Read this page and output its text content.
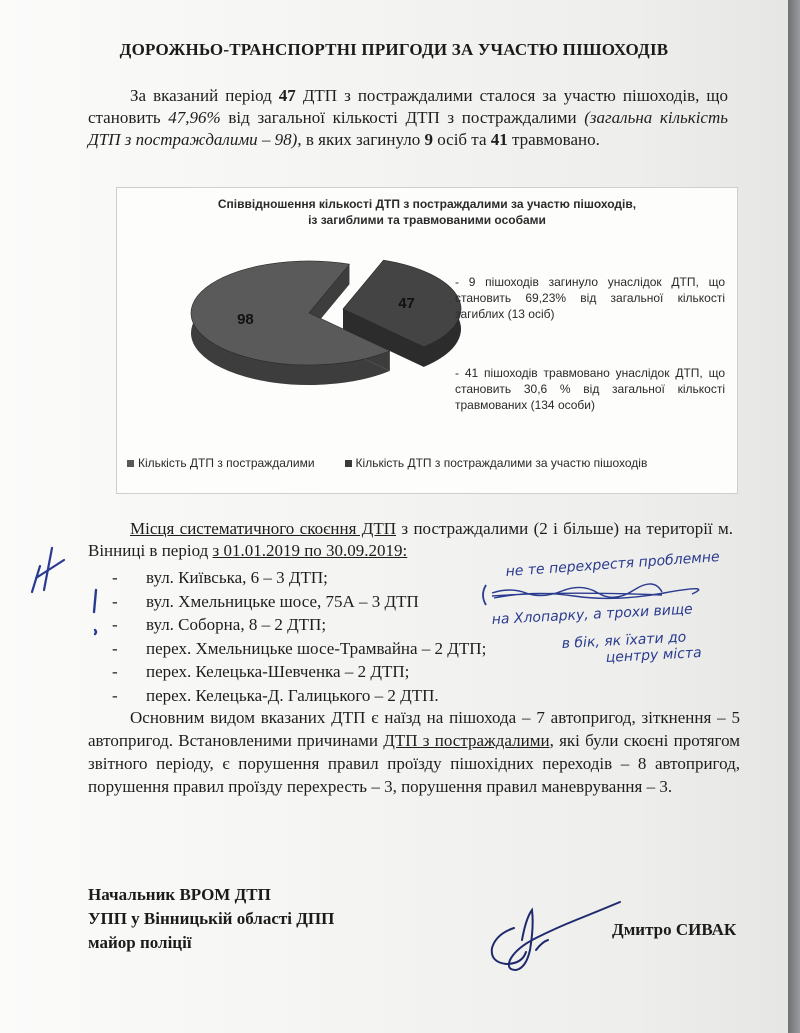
ДОРОЖНЬО-ТРАНСПОРТНІ ПРИГОДИ ЗА УЧАСТЮ ПІШОХОДІВ
За вказаний період 47 ДТП з постраждалими сталося за участю пішоходів, що становить 47,96% від загальної кількості ДТП з постраждалими (загальна кількість ДТП з постраждалими – 98), в яких загинуло 9 осіб та 41 травмовано.
Співвідношення кількості ДТП з постраждалими за участю пішоходів,
із загиблими та травмованими особами
98
47
- 9 пішоходів загинуло унаслідок ДТП, що становить 69,23% від загальної кількості загиблих (13 осіб)
- 41 пішоходів травмовано унаслідок ДТП, що становить 30,6 % від загальної кількості травмованих (134 особи)
Кількість ДТП з постраждалими	Кількість ДТП з постраждалими за участю пішоходів
Місця систематичного скоєння ДТП з постраждалими (2 і більше) на території м. Вінниці в період з 01.01.2019 по 30.09.2019:
- вул. Київська, 6 – 3 ДТП;
- вул. Хмельницьке шосе, 75А – 3 ДТП
- вул. Соборна, 8 – 2 ДТП;
- перех. Хмельницьке шосе-Трамвайна – 2 ДТП;
- перех. Келецька-Шевченка – 2 ДТП;
- перех. Келецька-Д. Галицького – 2 ДТП.
Основним видом вказаних ДТП є наїзд на пішохода – 7 автопригод, зіткнення – 5 автопригод. Встановленими причинами ДТП з постраждалими, які були скоєні протягом звітного періоду, є порушення правил проїзду пішохідних переходів – 8 автопригод, порушення правил проїзду перехресть – 3, порушення правил маневрування – 3.
Начальник ВРОМ ДТП
УПП у Вінницькій області ДПП
майор поліції
Дмитро СИВАК
не те перехрестя проблемне
на Хлопарку, а трохи вище
в бік, як їхати до
центру міста
